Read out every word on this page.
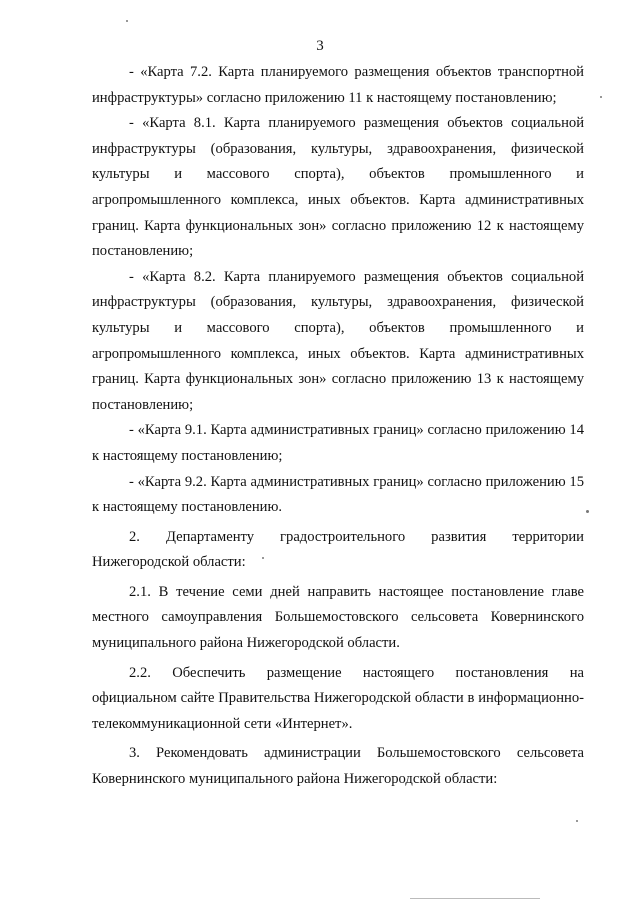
3

- «Карта 7.2. Карта планируемого размещения объектов транспортной инфраструктуры» согласно приложению 11 к настоящему постановлению;

- «Карта 8.1. Карта планируемого размещения объектов социальной инфраструктуры (образования, культуры, здравоохранения, физической культуры и массового спорта), объектов промышленного и агропромышленного комплекса, иных объектов. Карта административных границ. Карта функциональных зон» согласно приложению 12 к настоящему постановлению;

- «Карта 8.2. Карта планируемого размещения объектов социальной инфраструктуры (образования, культуры, здравоохранения, физической культуры и массового спорта), объектов промышленного и агропромышленного комплекса, иных объектов. Карта административных границ. Карта функциональных зон» согласно приложению 13 к настоящему постановлению;

- «Карта 9.1. Карта административных границ» согласно приложению 14 к настоящему постановлению;

- «Карта 9.2. Карта административных границ» согласно приложению 15 к настоящему постановлению.

2. Департаменту градостроительного развития территории Нижегородской области:

2.1. В течение семи дней направить настоящее постановление главе местного самоуправления Большемостовского сельсовета Ковернинского муниципального района Нижегородской области.

2.2. Обеспечить размещение настоящего постановления на официальном сайте Правительства Нижегородской области в информационно-телекоммуникационной сети «Интернет».

3. Рекомендовать администрации Большемостовского сельсовета Ковернинского муниципального района Нижегородской области:
